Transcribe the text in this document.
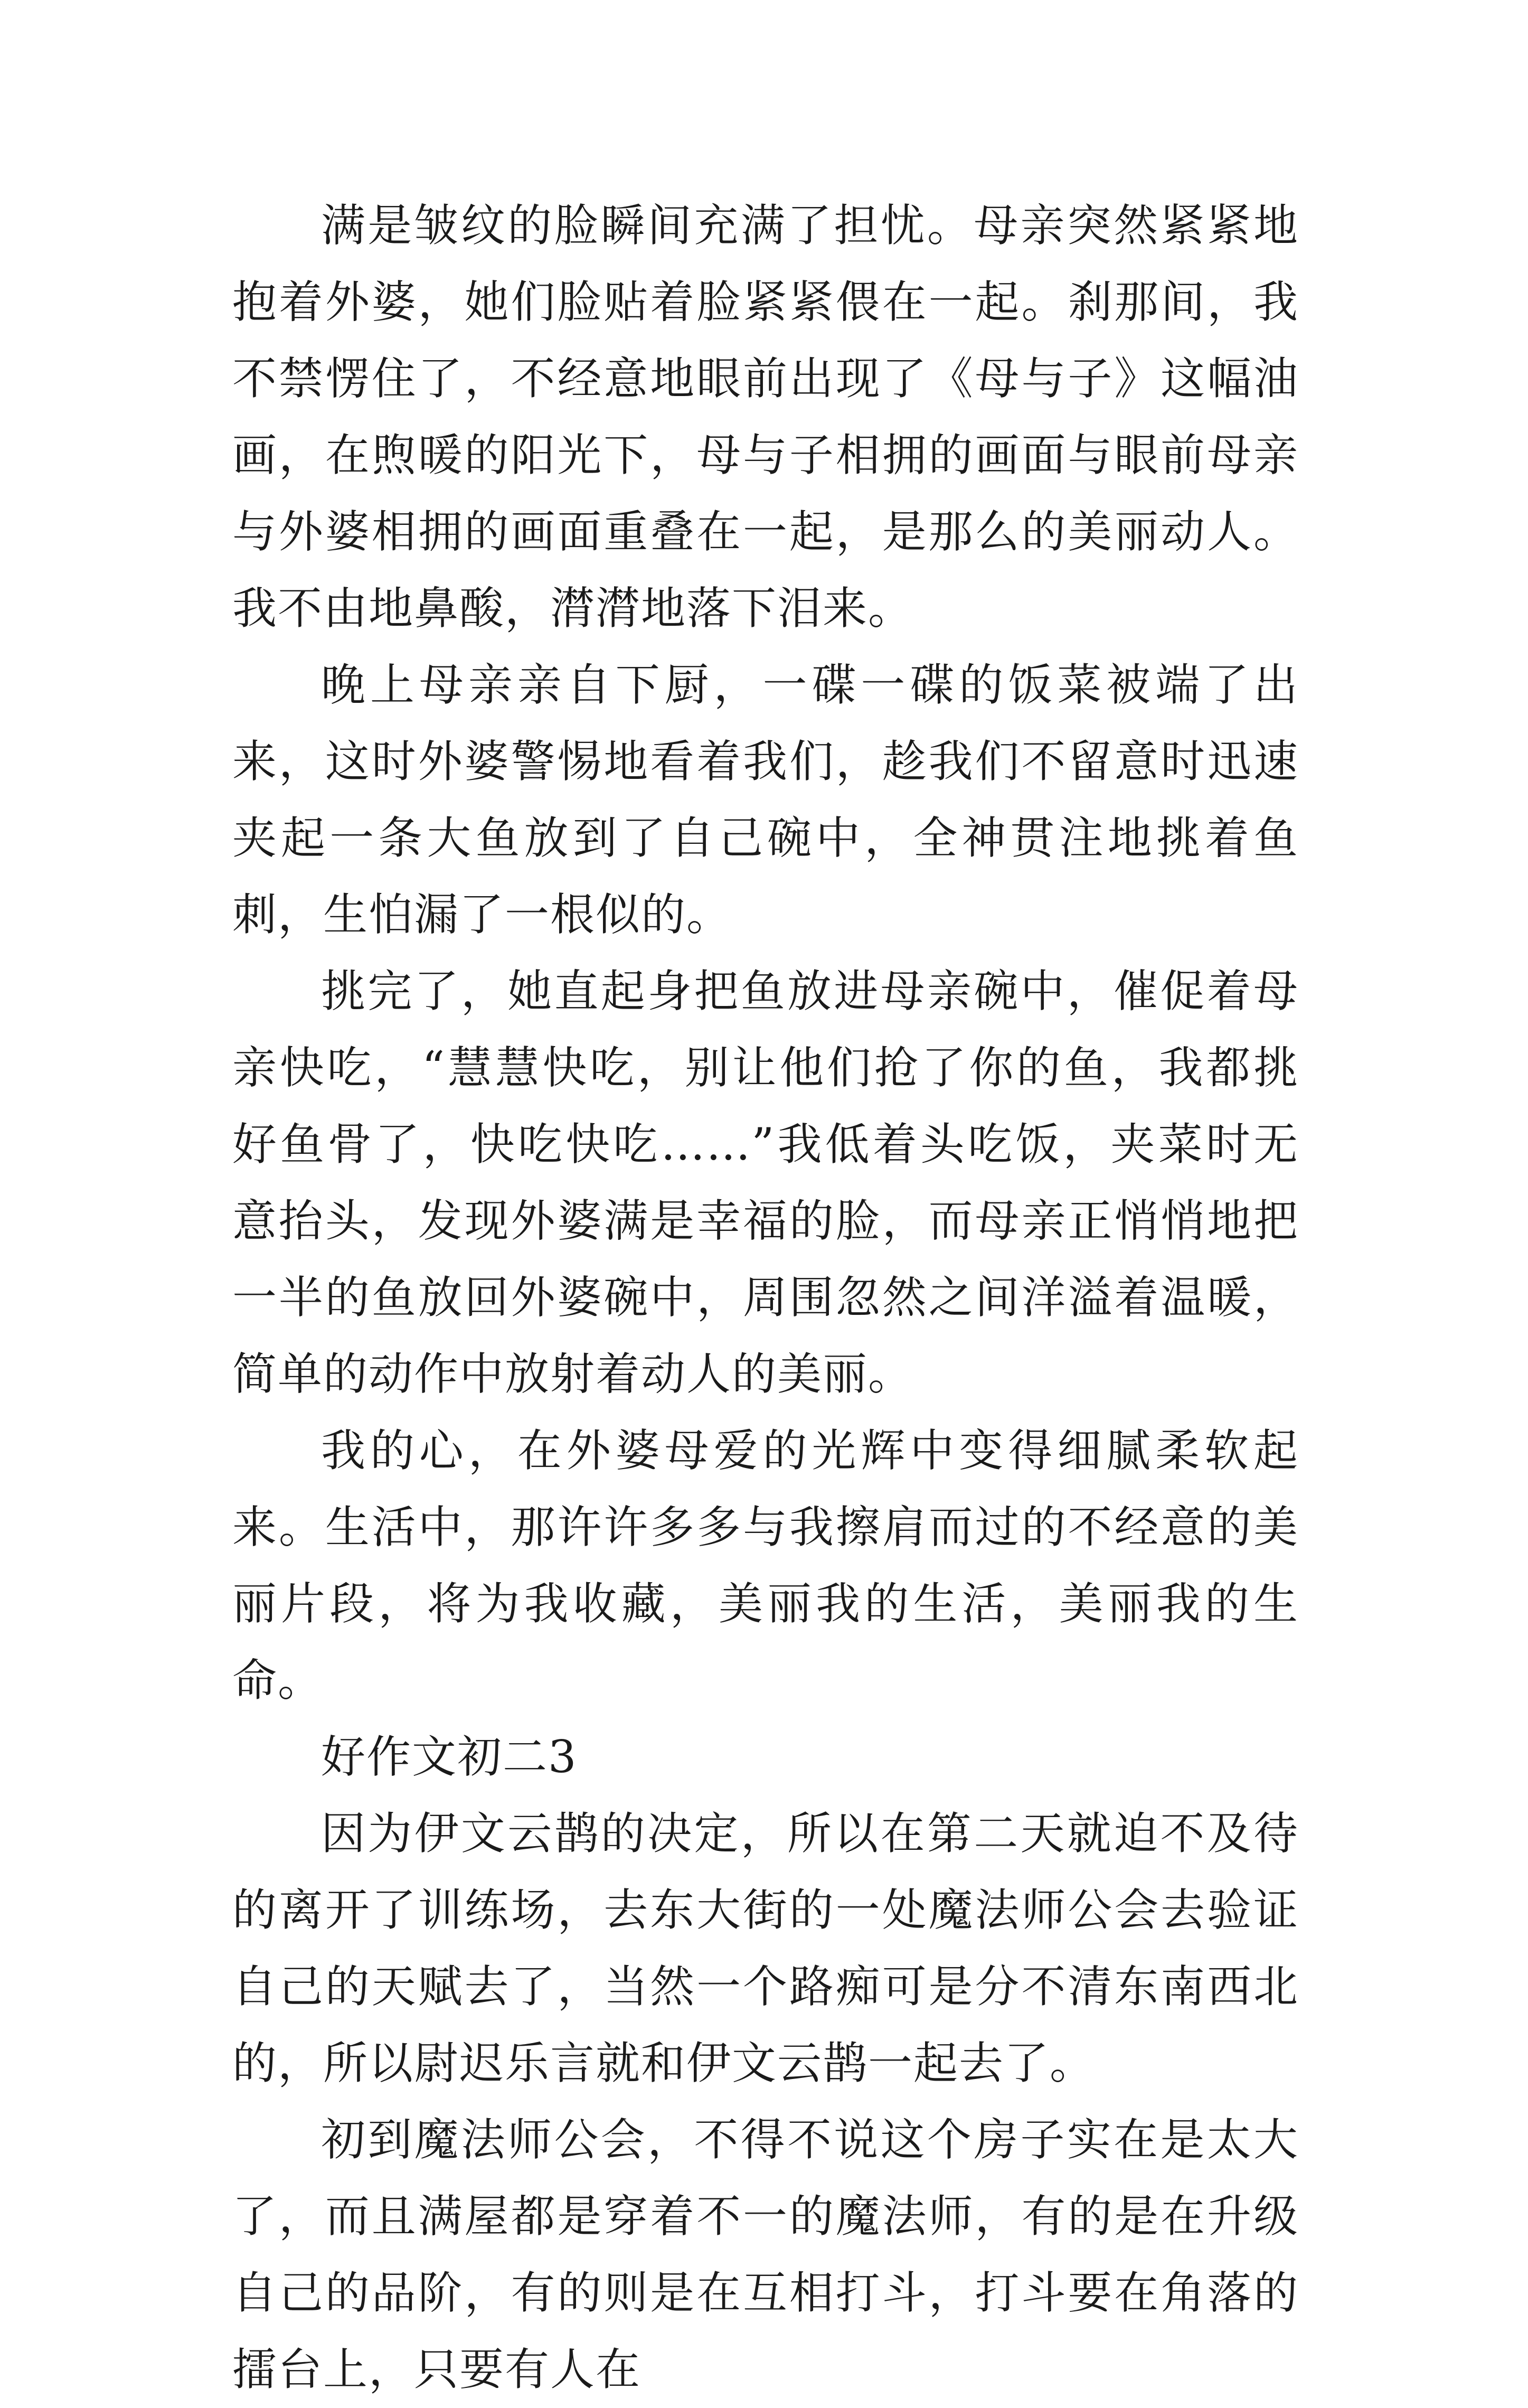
满是皱纹的脸瞬间充满了担忧。母亲突然紧紧地抱着外婆，她们脸贴着脸紧紧偎在一起。刹那间，我不禁愣住了，不经意地眼前出现了《母与子》这幅油画，在煦暖的阳光下，母与子相拥的画面与眼前母亲与外婆相拥的画面重叠在一起，是那么的美丽动人。我不由地鼻酸，潸潸地落下泪来。

晚上母亲亲自下厨，一碟一碟的饭菜被端了出来，这时外婆警惕地看着我们，趁我们不留意时迅速夹起一条大鱼放到了自己碗中，全神贯注地挑着鱼刺，生怕漏了一根似的。

挑完了，她直起身把鱼放进母亲碗中，催促着母亲快吃，“慧慧快吃，别让他们抢了你的鱼，我都挑好鱼骨了，快吃快吃……”我低着头吃饭，夹菜时无意抬头，发现外婆满是幸福的脸，而母亲正悄悄地把一半的鱼放回外婆碗中，周围忽然之间洋溢着温暖，简单的动作中放射着动人的美丽。

我的心，在外婆母爱的光辉中变得细腻柔软起来。生活中，那许许多多与我擦肩而过的不经意的美丽片段，将为我收藏，美丽我的生活，美丽我的生命。

好作文初二3

因为伊文云鹊的决定，所以在第二天就迫不及待的离开了训练场，去东大街的一处魔法师公会去验证自己的天赋去了，当然一个路痴可是分不清东南西北的，所以尉迟乐言就和伊文云鹊一起去了。

初到魔法师公会，不得不说这个房子实在是太大了，而且满屋都是穿着不一的魔法师，有的是在升级自己的品阶，有的则是在互相打斗，打斗要在角落的擂台上，只要有人在
